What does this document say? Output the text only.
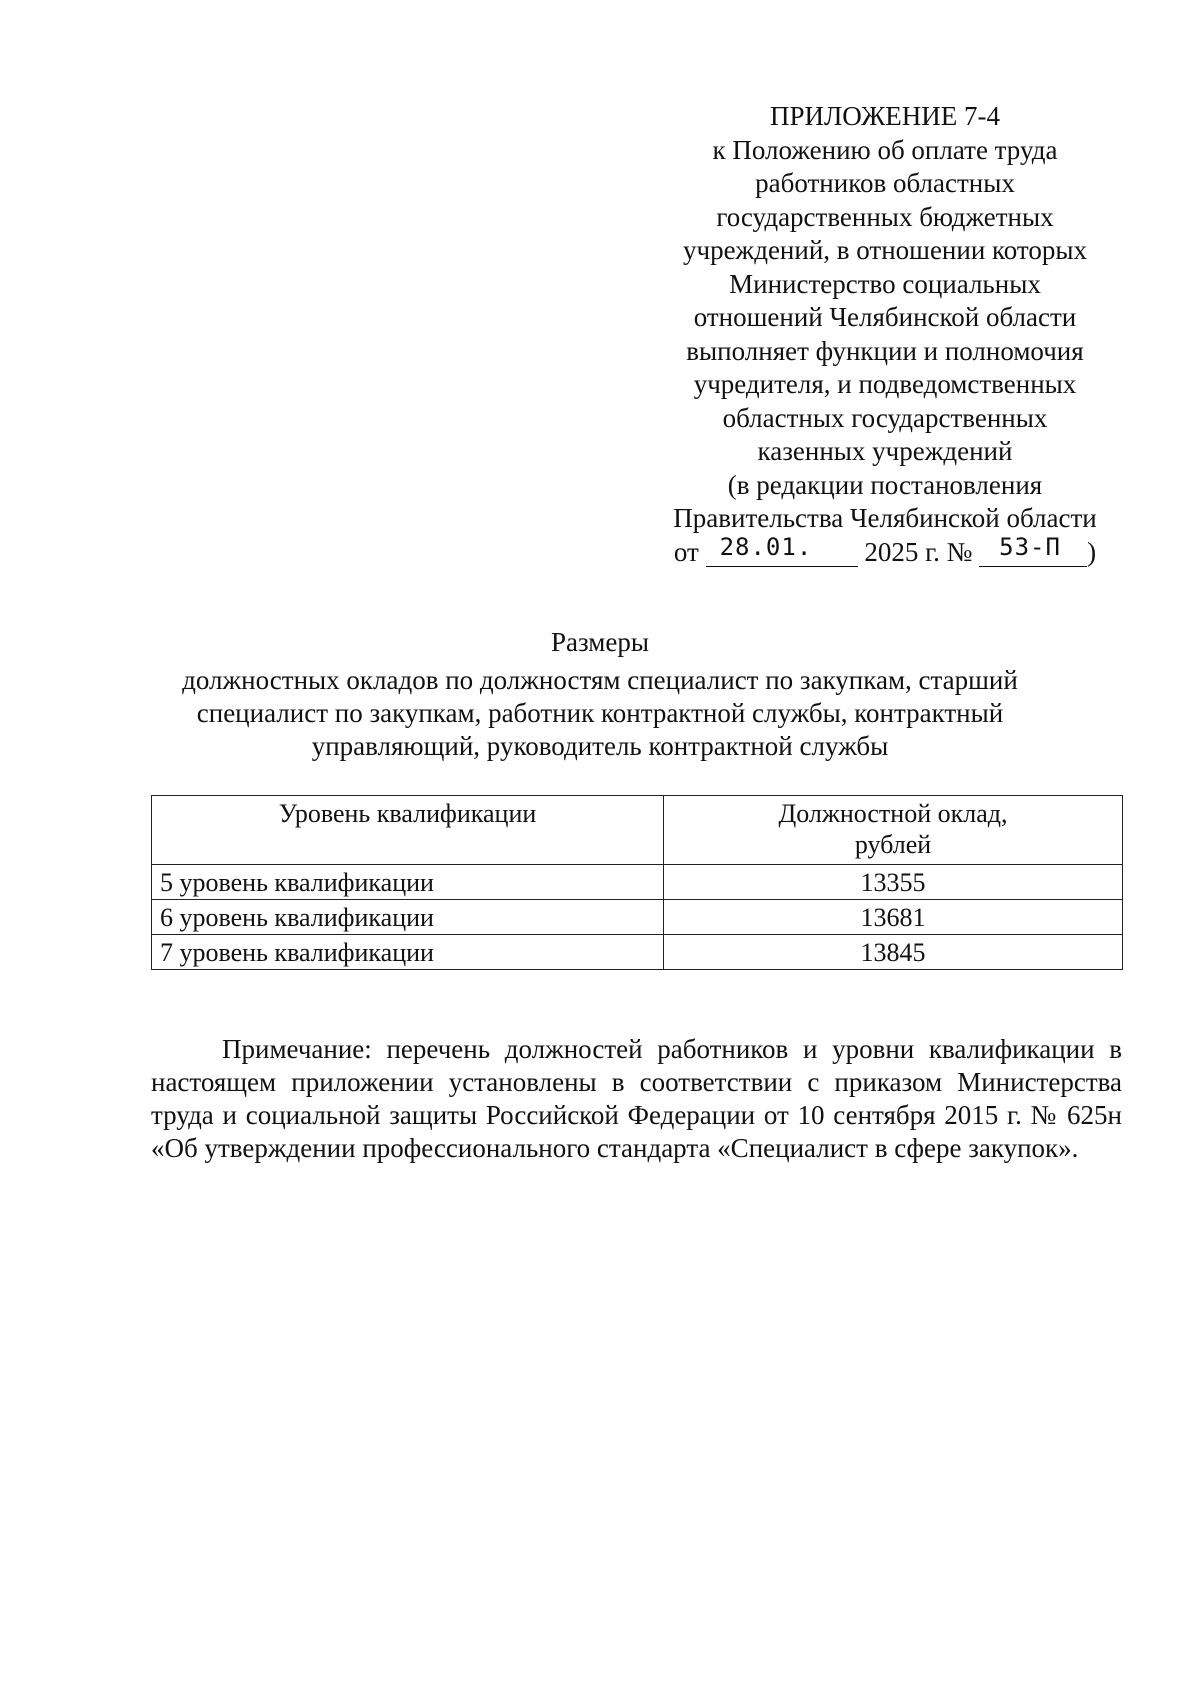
ПРИЛОЖЕНИЕ 7-4
к Положению об оплате труда
работников областных
государственных бюджетных
учреждений, в отношении которых
Министерство социальных
отношений Челябинской области
выполняет функции и полномочия
учредителя, и подведомственных
областных государственных
казенных учреждений
(в редакции постановления
Правительства Челябинской области
от 28.01. 2025 г. № 53-П )
Размеры
должностных окладов по должностям специалист по закупкам, старший
специалист по закупкам, работник контрактной службы, контрактный
управляющий, руководитель контрактной службы
Уровень квалификации	Должностной оклад,
рублей
5 уровень квалификации	13355
6 уровень квалификации	13681
7 уровень квалификации	13845

Примечание: перечень должностей работников и уровни квалификации в настоящем приложении установлены в соответствии с приказом Министерства труда и социальной защиты Российской Федерации от 10 сентября 2015 г. № 625н «Об утверждении профессионального стандарта «Специалист в сфере закупок».
